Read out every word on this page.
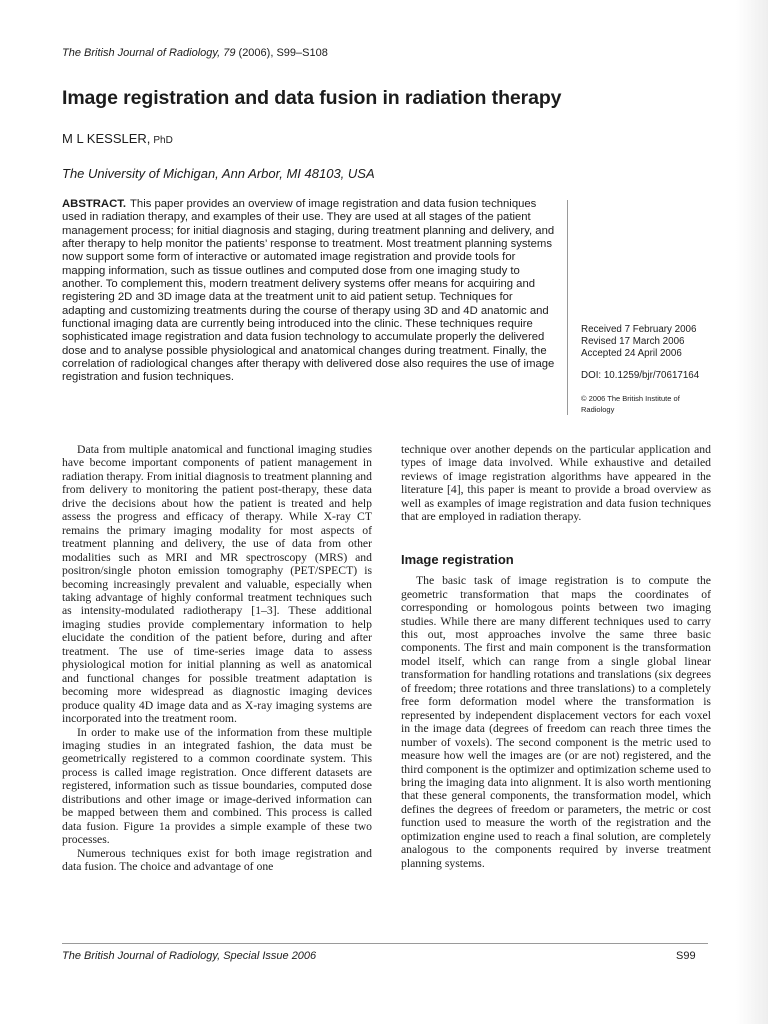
The British Journal of Radiology, 79 (2006), S99–S108
Image registration and data fusion in radiation therapy
M L KESSLER, PhD
The University of Michigan, Ann Arbor, MI 48103, USA
ABSTRACT. This paper provides an overview of image registration and data fusion techniques used in radiation therapy, and examples of their use. They are used at all stages of the patient management process; for initial diagnosis and staging, during treatment planning and delivery, and after therapy to help monitor the patients’ response to treatment. Most treatment planning systems now support some form of interactive or automated image registration and provide tools for mapping information, such as tissue outlines and computed dose from one imaging study to another. To complement this, modern treatment delivery systems offer means for acquiring and registering 2D and 3D image data at the treatment unit to aid patient setup. Techniques for adapting and customizing treatments during the course of therapy using 3D and 4D anatomic and functional imaging data are currently being introduced into the clinic. These techniques require sophisticated image registration and data fusion technology to accumulate properly the delivered dose and to analyse possible physiological and anatomical changes during treatment. Finally, the correlation of radiological changes after therapy with delivered dose also requires the use of image registration and fusion techniques.
Received 7 February 2006
Revised 17 March 2006
Accepted 24 April 2006
DOI: 10.1259/bjr/70617164
© 2006 The British Institute of Radiology

Data from multiple anatomical and functional imaging studies have become important components of patient management in radiation therapy. From initial diagnosis to treatment planning and from delivery to monitoring the patient post-therapy, these data drive the decisions about how the patient is treated and help assess the progress and efficacy of therapy. While X-ray CT remains the primary imaging modality for most aspects of treatment planning and delivery, the use of data from other modalities such as MRI and MR spectroscopy (MRS) and positron/single photon emission tomography (PET/SPECT) is becoming increasingly prevalent and valuable, especially when taking advantage of highly conformal treatment techniques such as intensity-modulated radiotherapy [1–3]. These additional imaging studies provide complementary information to help elucidate the condition of the patient before, during and after treatment. The use of time-series image data to assess physiological motion for initial planning as well as anatomical and functional changes for possible treatment adaptation is becoming more widespread as diagnostic imaging devices produce quality 4D image data and as X-ray imaging systems are incorporated into the treatment room.

In order to make use of the information from these multiple imaging studies in an integrated fashion, the data must be geometrically registered to a common coordinate system. This process is called image registration. Once different datasets are registered, information such as tissue boundaries, computed dose distributions and other image or image-derived information can be mapped between them and combined. This process is called data fusion. Figure 1a provides a simple example of these two processes.

Numerous techniques exist for both image registration and data fusion. The choice and advantage of one

technique over another depends on the particular application and types of image data involved. While exhaustive and detailed reviews of image registration algorithms have appeared in the literature [4], this paper is meant to provide a broad overview as well as examples of image registration and data fusion techniques that are employed in radiation therapy.

Image registration

The basic task of image registration is to compute the geometric transformation that maps the coordinates of corresponding or homologous points between two imaging studies. While there are many different techniques used to carry this out, most approaches involve the same three basic components. The first and main component is the transformation model itself, which can range from a single global linear transformation for handling rotations and translations (six degrees of freedom; three rotations and three translations) to a completely free form deformation model where the transformation is represented by independent displacement vectors for each voxel in the image data (degrees of freedom can reach three times the number of voxels). The second component is the metric used to measure how well the images are (or are not) registered, and the third component is the optimizer and optimization scheme used to bring the imaging data into alignment. It is also worth mentioning that these general components, the transformation model, which defines the degrees of freedom or parameters, the metric or cost function used to measure the worth of the registration and the optimization engine used to reach a final solution, are completely analogous to the components required by inverse treatment planning systems.

The British Journal of Radiology, Special Issue 2006	S99
